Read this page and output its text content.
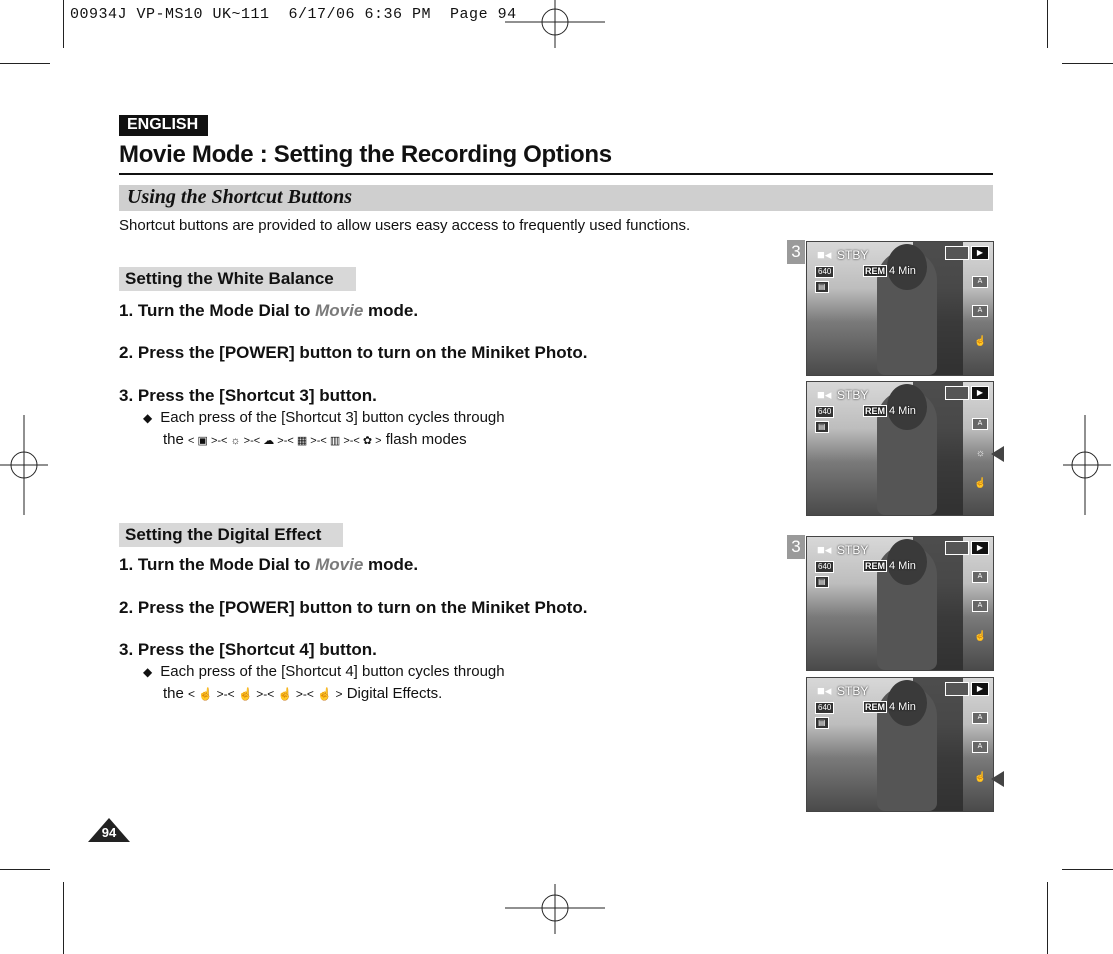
00934J VP-MS10 UK~111  6/17/06 6:36 PM  Page 94
ENGLISH
Movie Mode : Setting the Recording Options
Using the Shortcut Buttons
Shortcut buttons are provided to allow users easy access to frequently used functions.
Setting the White Balance
1. Turn the Mode Dial to Movie mode.
2. Press the [POWER] button to turn on the Miniket Photo.
3. Press the [Shortcut 3] button.
◆ Each press of the [Shortcut 3] button cycles through
the < ▣ >-< ☼ >-< ☁ >-< ▦ >-< ▥ >-< ✿ > flash modes
Setting the Digital Effect
1. Turn the Mode Dial to Movie mode.
2. Press the [POWER] button to turn on the Miniket Photo.
3. Press the [Shortcut 4] button.
◆ Each press of the [Shortcut 4] button cycles through
the < ☝ >-< ☝ >-< ☝ >-< ☝ > Digital Effects.
3
3
■◂ STBY
REM 4 Min
640
▤
▶
A
A
☝
■◂ STBY
REM 4 Min
640
▤
▶
A
☼
☝
■◂ STBY
REM 4 Min
640
▤
▶
A
A
☝
■◂ STBY
REM 4 Min
640
▤
▶
A
A
☝
94
